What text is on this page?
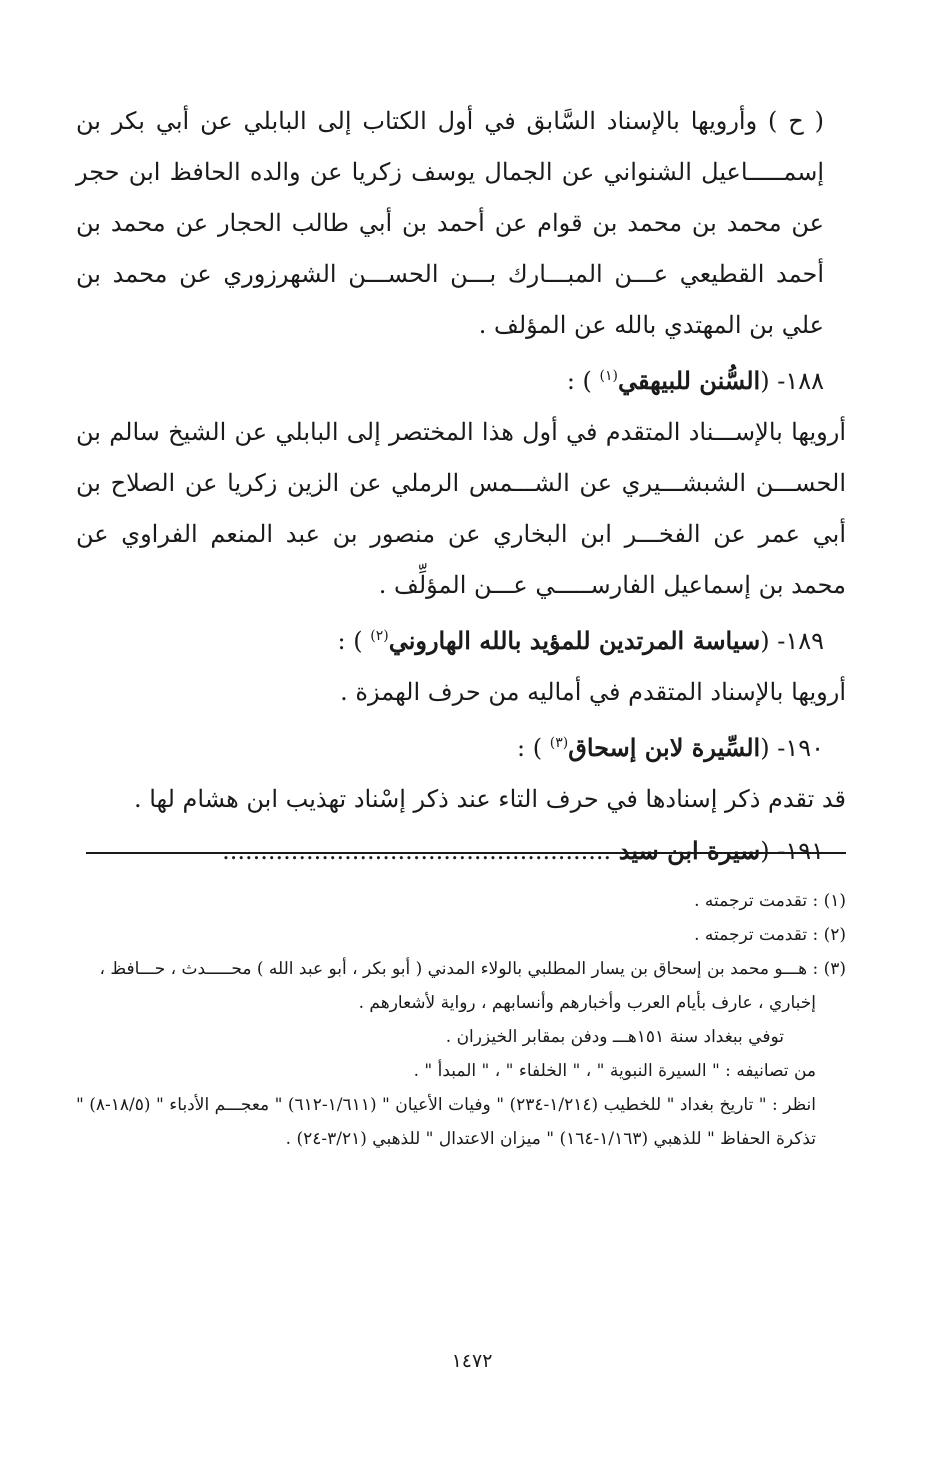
( ح ) وأرويها بالإسناد السَّابق في أول الكتاب إلى البابلي عن أبي بكر بن إسمـــــاعيل الشنواني عن الجمال يوسف زكريا عن والده الحافظ ابن حجر عن محمد بن محمد بن قوام عن أحمد بن أبي طالب الحجار عن محمد بن أحمد القطيعي عـــن المبـــارك بـــن الحســـن الشهرزوري عن محمد بن علي بن المهتدي بالله عن المؤلف .

١٨٨- (السُّنن للبيهقي$^{(١)}$ ) :

أرويها بالإســـناد المتقدم في أول هذا المختصر إلى البابلي عن الشيخ سالم بن الحســـن الشبشـــيري عن الشـــمس الرملي عن الزين زكريا عن الصلاح بن أبي عمر عن الفخـــر ابن البخاري عن منصور بن عبد المنعم الفراوي عن محمد بن إسماعيل الفارســـــي عـــن المؤلِّف .

١٨٩- (سياسة المرتدين للمؤيد بالله الهاروني$^{(٢)}$ ) :

أرويها بالإسناد المتقدم في أماليه من حرف الهمزة .

١٩٠- (السِّيرة لابن إسحاق$^{(٣)}$ ) :

قد تقدم ذكر إسنادها في حرف التاء عند ذكر إسْناد تهذيب ابن هشام لها .

١٩١- (سيرة ابن سيد ...................................................

(١) : تقدمت ترجمته .

(٢) : تقدمت ترجمته .

(٣) : هـــو محمد بن إسحاق بن يسار المطلبي بالولاء المدني ( أبو بكر ، أبو عبد الله ) محـــــدث ، حـــافظ ،

إخباري ، عارف بأيام العرب وأخبارهم وأنسابهم ، رواية لأشعارهم .

توفي ببغداد سنة ١٥١هـــ ودفن بمقابر الخيزران .

من تصانيفه : " السيرة النبوية " ، " الخلفاء " ، " المبدأ " .

انظر : " تاريخ بغداد " للخطيب (١/٢١٤-٢٣٤) " وفيات الأعيان " (١/٦١١-٦١٢) " معجـــم الأدباء " (١٨/٥-٨) " تذكرة الحفاظ " للذهبي (١/١٦٣-١٦٤) " ميزان الاعتدال " للذهبي (٣/٢١-٢٤) .

١٤٧٢
